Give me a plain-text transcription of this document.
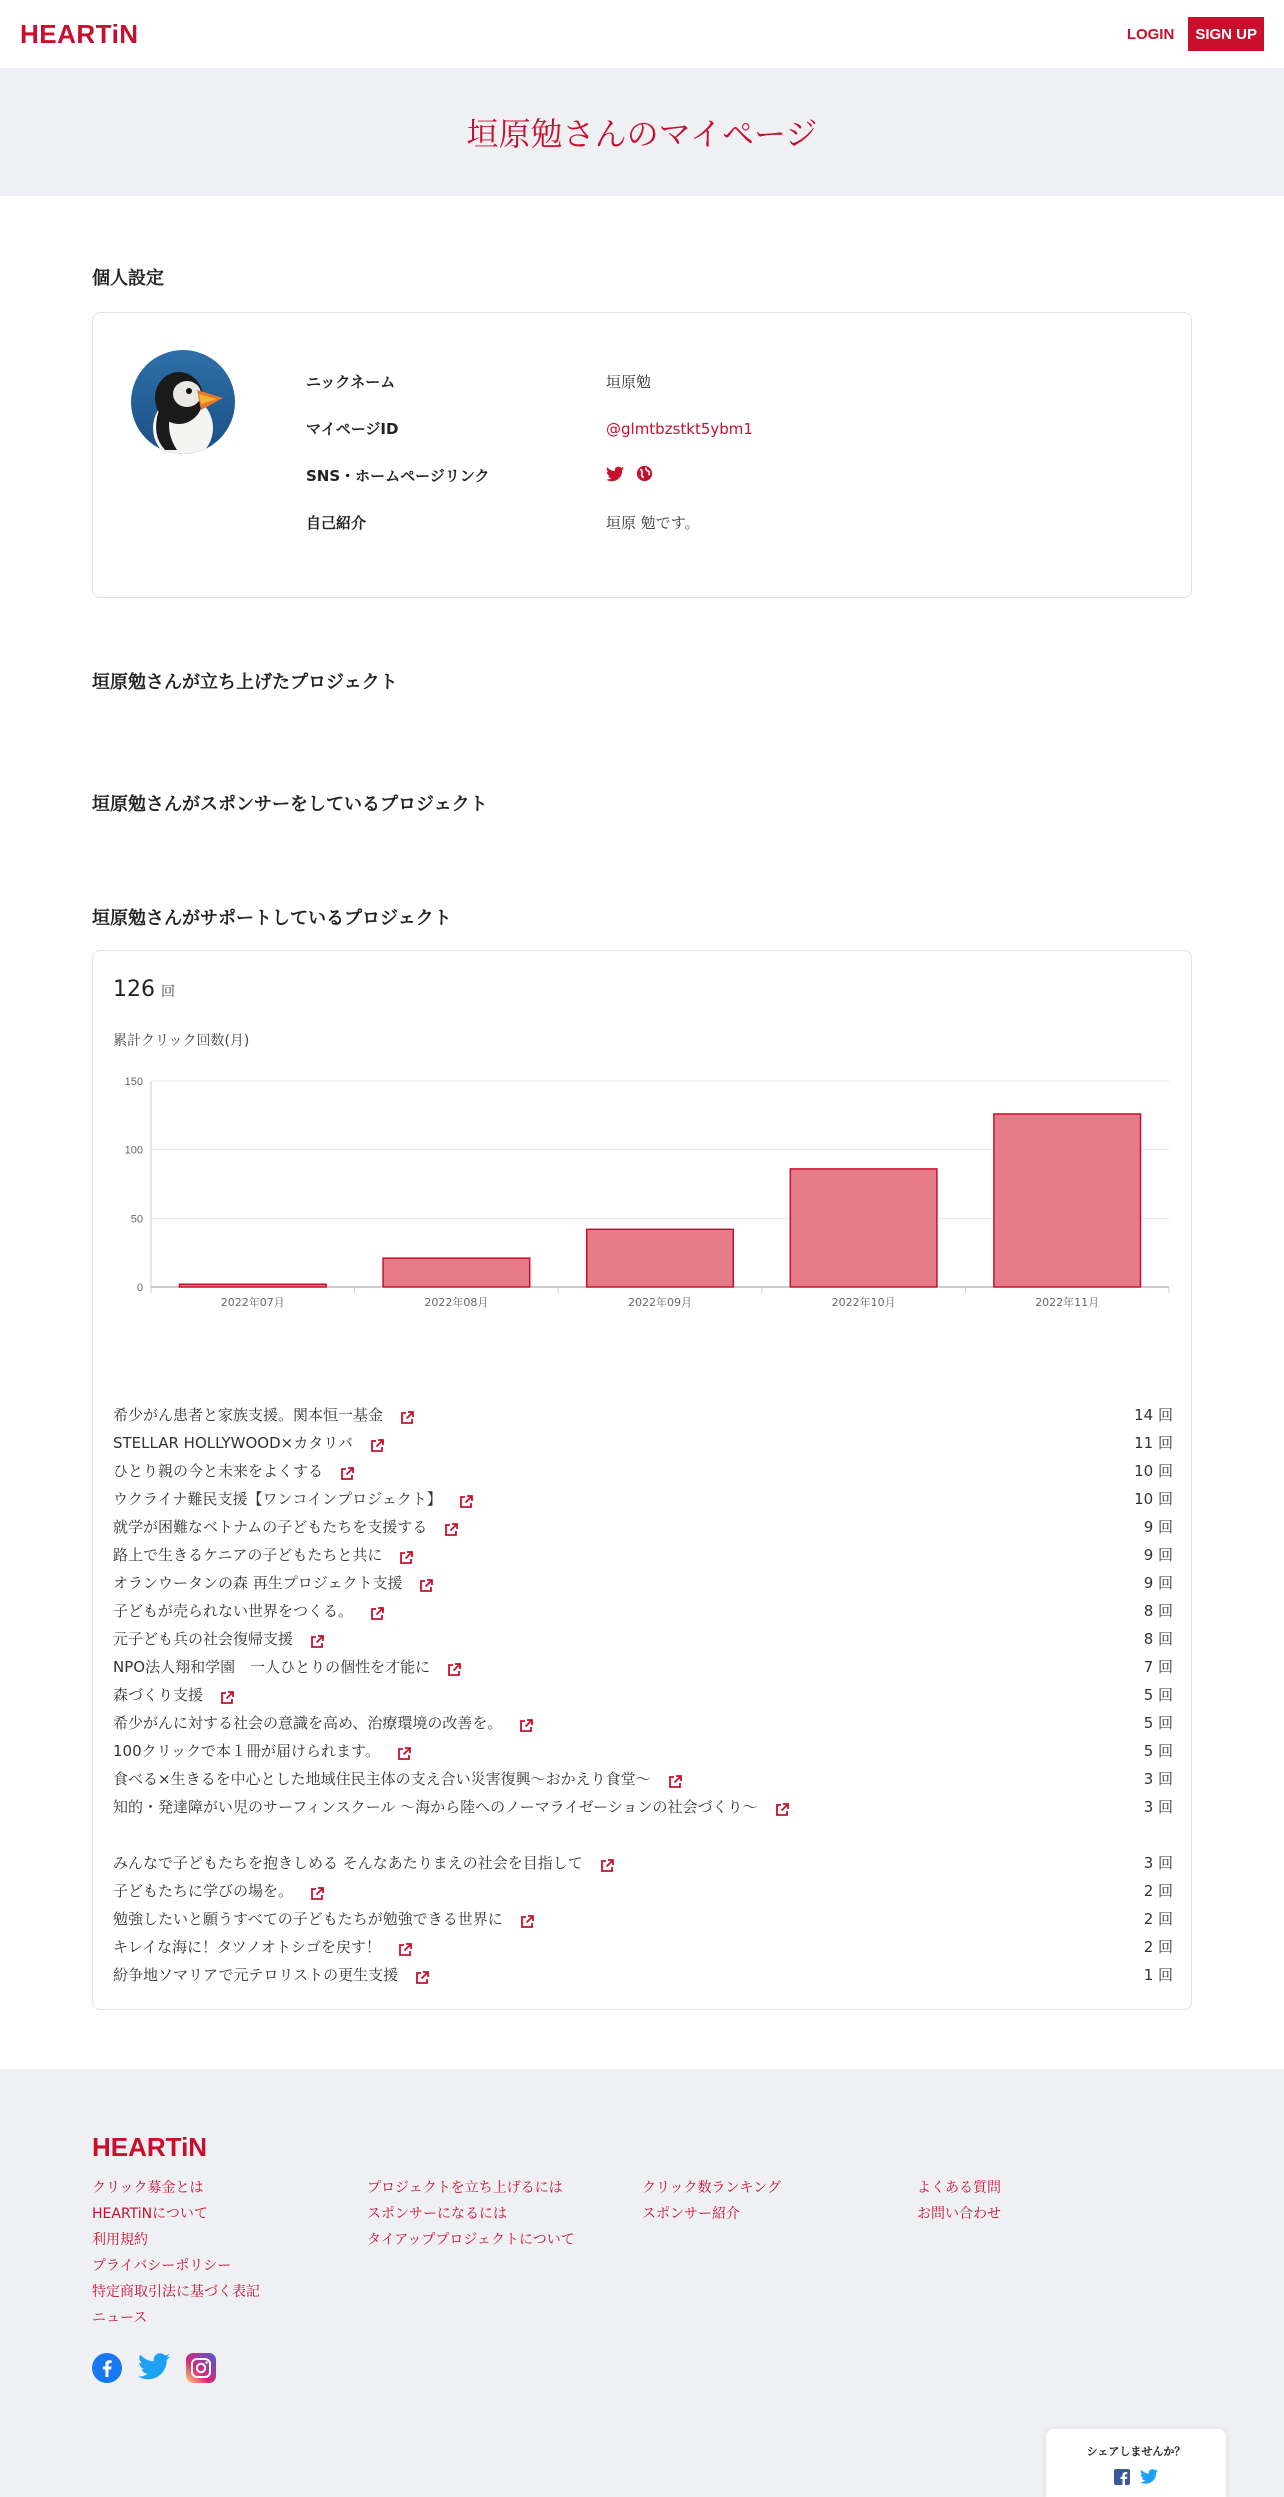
HEARTiN	LOGIN	SIGN UP
垣原勉さんのマイページ
個人設定
ニックネーム	垣原勉
マイページID	@glmtbzstkt5ybm1
SNS・ホームページリンク
自己紹介	垣原 勉です。
垣原勉さんが立ち上げたプロジェクト
垣原勉さんがスポンサーをしているプロジェクト
垣原勉さんがサポートしているプロジェクト
126 回
累計クリック回数(月)
0
50
100
150
2022年07月	2022年08月	2022年09月	2022年10月	2022年11月
希少がん患者と家族支援。関本恒一基金	14 回
STELLAR HOLLYWOOD×カタリバ	11 回
ひとり親の今と未来をよくする	10 回
ウクライナ難民支援【ワンコインプロジェクト】	10 回
就学が困難なベトナムの子どもたちを支援する	9 回
路上で生きるケニアの子どもたちと共に	9 回
オランウータンの森 再生プロジェクト支援	9 回
子どもが売られない世界をつくる。	8 回
元子ども兵の社会復帰支援	8 回
NPO法人翔和学園　一人ひとりの個性を才能に	7 回
森づくり支援	5 回
希少がんに対する社会の意識を高め、治療環境の改善を。	5 回
100クリックで本１冊が届けられます。	5 回
食べる×生きるを中心とした地域住民主体の支え合い災害復興～おかえり食堂～	3 回
知的・発達障がい児のサーフィンスクール ～海から陸へのノーマライゼーションの社会づくり～	3 回
みんなで子どもたちを抱きしめる そんなあたりまえの社会を目指して	3 回
子どもたちに学びの場を。	2 回
勉強したいと願うすべての子どもたちが勉強できる世界に	2 回
キレイな海に！タツノオトシゴを戻す！	2 回
紛争地ソマリアで元テロリストの更生支援	1 回
HEARTiN
クリック募金とは
HEARTiNについて
利用規約
プライバシーポリシー
特定商取引法に基づく表記
ニュース
プロジェクトを立ち上げるには
スポンサーになるには
タイアッププロジェクトについて
クリック数ランキング
スポンサー紹介
よくある質問
お問い合わせ
シェアしませんか？
